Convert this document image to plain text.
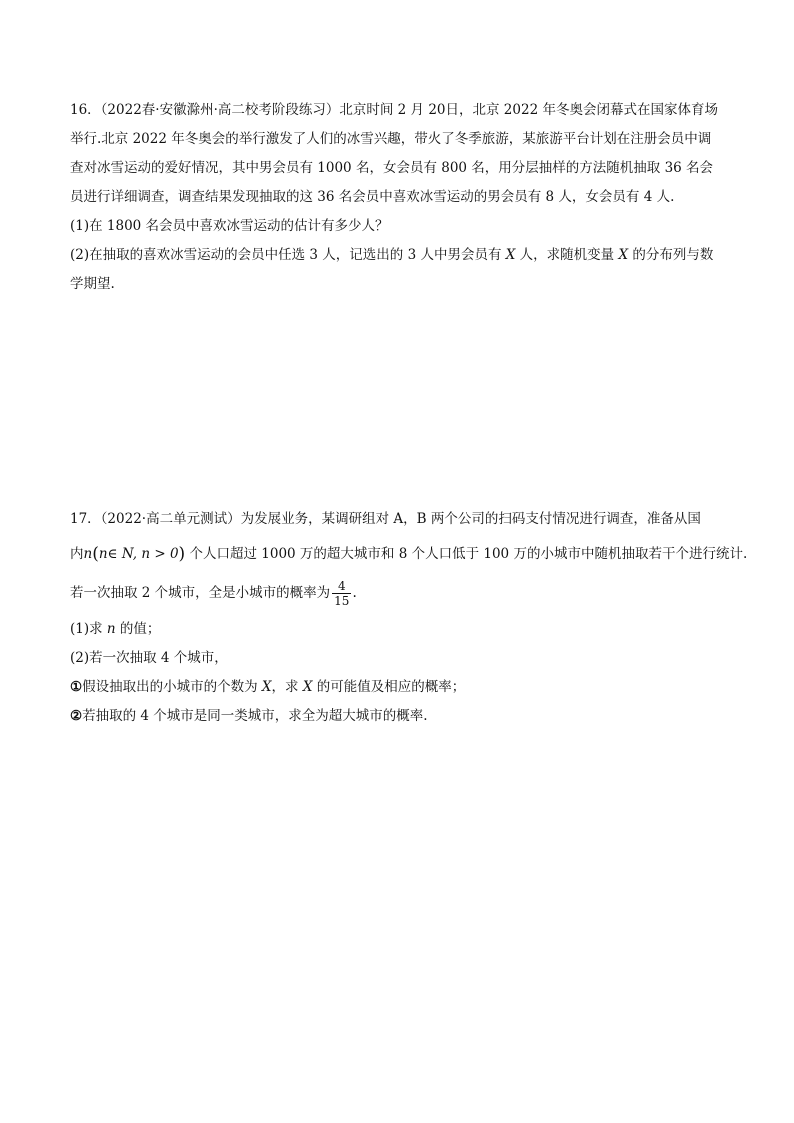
16．（2022春·安徽滁州·高二校考阶段练习）北京时间 2 月 20日，北京 2022 年冬奥会闭幕式在国家体育场
举行.北京 2022 年冬奥会的举行激发了人们的冰雪兴趣，带火了冬季旅游，某旅游平台计划在注册会员中调
查对冰雪运动的爱好情况，其中男会员有 1000 名，女会员有 800 名，用分层抽样的方法随机抽取 36 名会
员进行详细调查，调查结果发现抽取的这 36 名会员中喜欢冰雪运动的男会员有 8 人，女会员有 4 人.
(1)在 1800 名会员中喜欢冰雪运动的估计有多少人？
(2)在抽取的喜欢冰雪运动的会员中任选 3 人，记选出的 3 人中男会员有 X 人，求随机变量 X 的分布列与数
学期望.
17．（2022·高二单元测试）为发展业务，某调研组对 A，B 两个公司的扫码支付情况进行调查，准备从国
内n(n∈ N, n > 0) 个人口超过 1000 万的超大城市和 8 个人口低于 100 万的小城市中随机抽取若干个进行统计.
若一次抽取 2 个城市，全是小城市的概率为 $\frac{4}{15}$ .
(1)求 n 的值；
(2)若一次抽取 4 个城市，
①假设抽取出的小城市的个数为 X，求 X 的可能值及相应的概率；
②若抽取的 4 个城市是同一类城市，求全为超大城市的概率.
